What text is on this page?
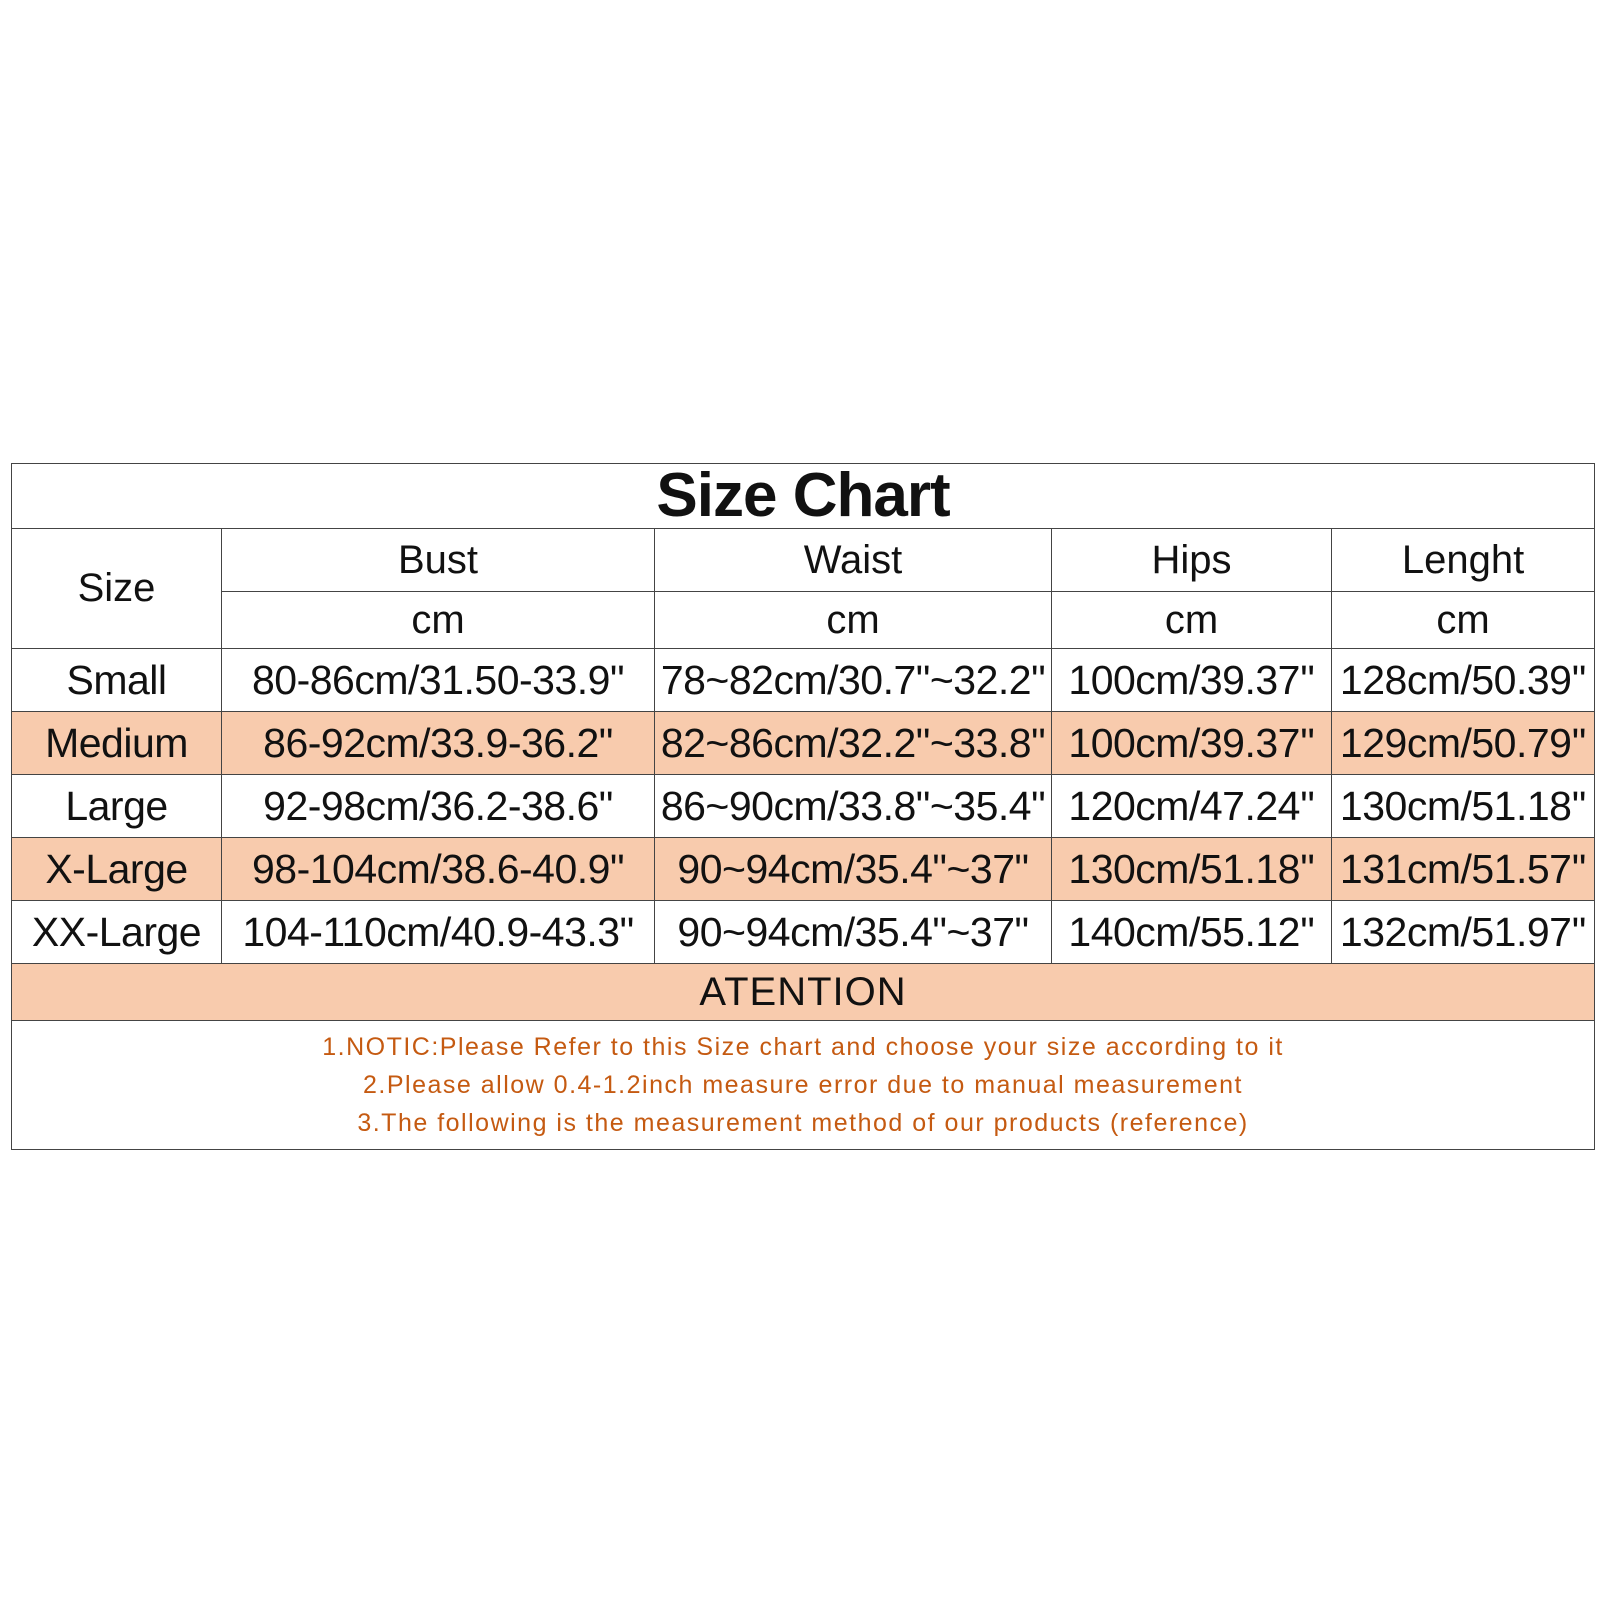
Size Chart				
Size	Bust	Waist	Hips	Lenght
	cm	cm	cm	cm
Small	80-86cm/31.50-33.9"	78~82cm/30.7"~32.2"	100cm/39.37''	128cm/50.39''
Medium	86-92cm/33.9-36.2"	82~86cm/32.2"~33.8"	100cm/39.37''	129cm/50.79''
Large	92-98cm/36.2-38.6"	86~90cm/33.8"~35.4"	120cm/47.24''	130cm/51.18''
X-Large	98-104cm/38.6-40.9"	90~94cm/35.4"~37"	130cm/51.18''	131cm/51.57''
XX-Large	104-110cm/40.9-43.3"	90~94cm/35.4"~37"	140cm/55.12''	132cm/51.97''
ATENTION				

1.NOTIC:Please Refer to this Size chart and choose your size according to it
2.Please allow 0.4-1.2inch measure error due to manual measurement
3.The following is the measurement method of our products (reference)				
